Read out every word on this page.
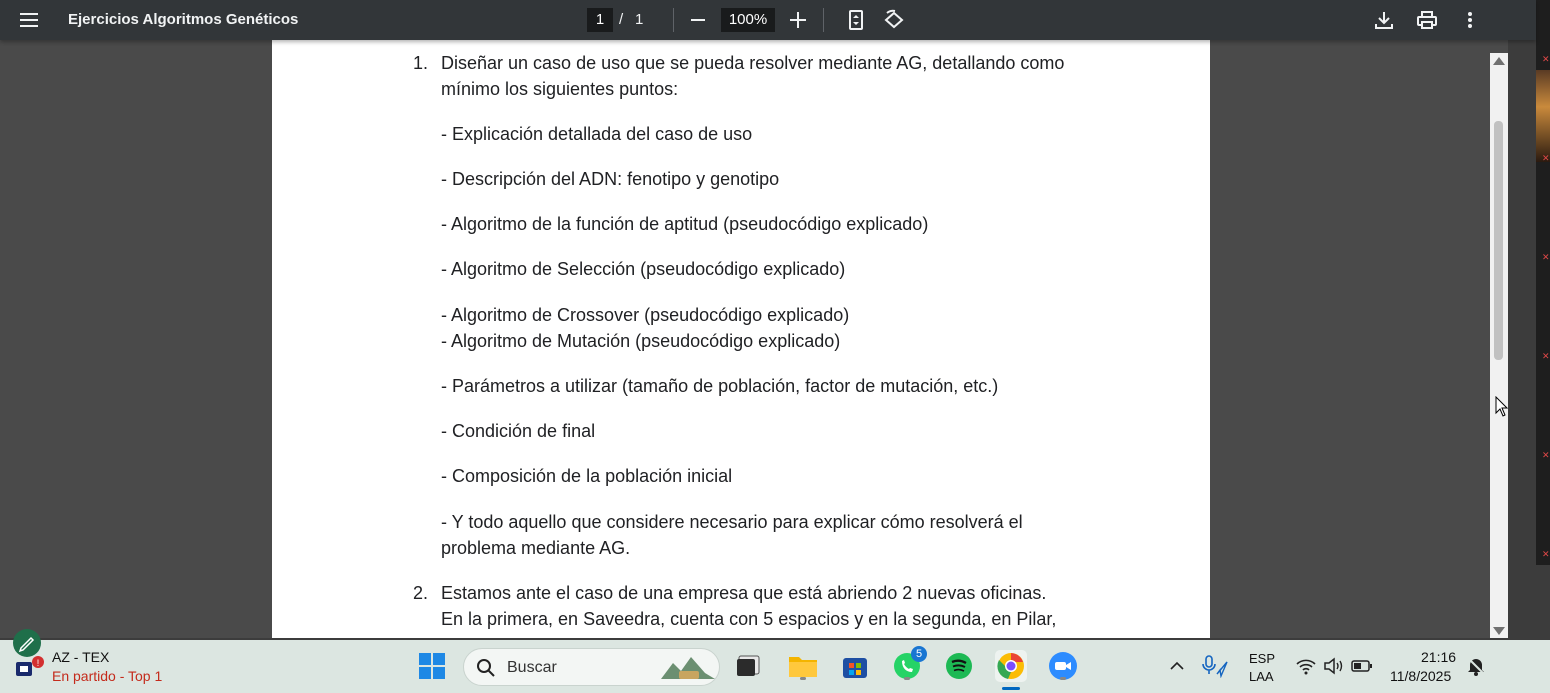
Ejercicios Algoritmos Genéticos	1 / 1	100%
1. Diseñar un caso de uso que se pueda resolver mediante AG, detallando como
mínimo los siguientes puntos:
- Explicación detallada del caso de uso
- Descripción del ADN: fenotipo y genotipo
- Algoritmo de la función de aptitud (pseudocódigo explicado)
- Algoritmo de Selección (pseudocódigo explicado)
- Algoritmo de Crossover (pseudocódigo explicado)
- Algoritmo de Mutación (pseudocódigo explicado)
- Parámetros a utilizar (tamaño de población, factor de mutación, etc.)
- Condición de final
- Composición de la población inicial
- Y todo aquello que considere necesario para explicar cómo resolverá el
problema mediante AG.
2. Estamos ante el caso de una empresa que está abriendo 2 nuevas oficinas.
En la primera, en Saveedra, cuenta con 5 espacios y en la segunda, en Pilar,
✕
✕
✕
✕
✕
✕
! AZ - TEX
En partido - Top 1	Buscar
5	ESP
LAA
21:16
11/8/2025
